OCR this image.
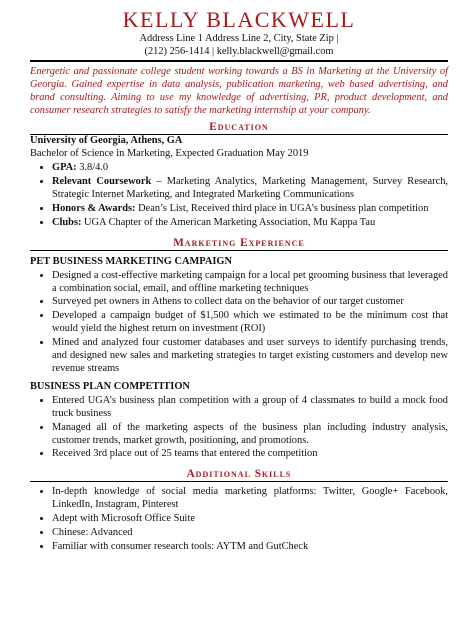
KELLY BLACKWELL
Address Line 1 Address Line 2, City, State Zip |
(212) 256-1414 | kelly.blackwell@gmail.com

Energetic and passionate college student working towards a BS in Marketing at the University of Georgia. Gained expertise in data analysis, publication marketing, web based advertising, and brand consulting. Aiming to use my knowledge of advertising, PR, product development, and consumer research strategies to satisfy the marketing internship at your company.

Education
University of Georgia, Athens, GA
Bachelor of Science in Marketing, Expected Graduation May 2019
• GPA: 3.8/4.0
• Relevant Coursework – Marketing Analytics, Marketing Management, Survey Research, Strategic Internet Marketing, and Integrated Marketing Communications
• Honors & Awards: Dean’s List, Received third place in UGA’s business plan competition
• Clubs: UGA Chapter of the American Marketing Association, Mu Kappa Tau
Marketing Experience
PET BUSINESS MARKETING CAMPAIGN
• Designed a cost-effective marketing campaign for a local pet grooming business that leveraged a combination social, email, and offline marketing techniques
• Surveyed pet owners in Athens to collect data on the behavior of our target customer
• Developed a campaign budget of $1,500 which we estimated to be the minimum cost that would yield the highest return on investment (ROI)
• Mined and analyzed four customer databases and user surveys to identify purchasing trends, and designed new sales and marketing strategies to target existing customers and develop new revenue streams
BUSINESS PLAN COMPETITION
• Entered UGA’s business plan competition with a group of 4 classmates to build a mock food truck business
• Managed all of the marketing aspects of the business plan including industry analysis, customer trends, market growth, positioning, and promotions.
• Received 3rd place out of 25 teams that entered the competition
Additional Skills
• In-depth knowledge of social media marketing platforms: Twitter, Google+ Facebook, LinkedIn, Instagram, Pinterest
• Adept with Microsoft Office Suite
• Chinese: Advanced
• Familiar with consumer research tools: AYTM and GutCheck
